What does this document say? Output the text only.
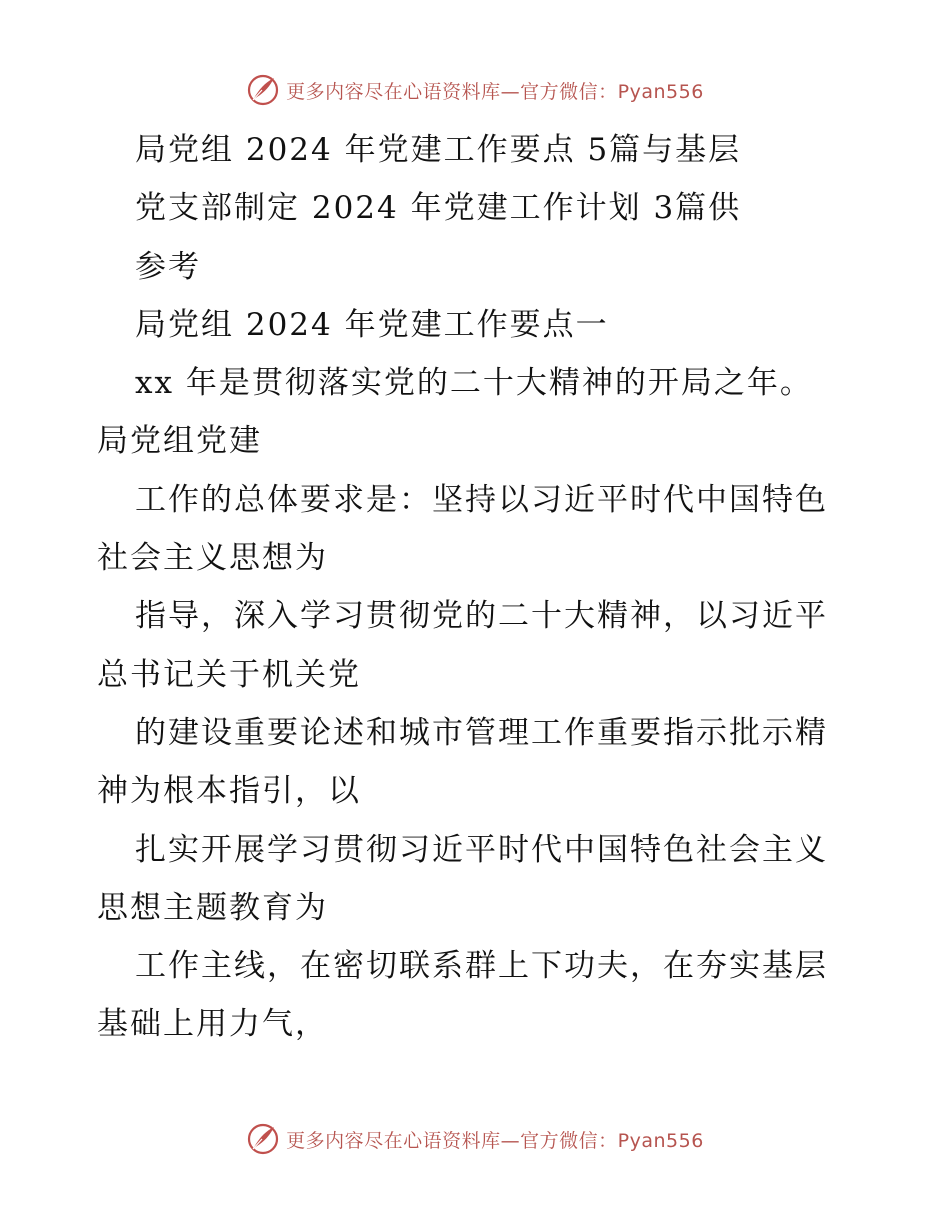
更多内容尽在心语资料库—官方微信：Pyan556
局党组 2024 年党建工作要点 5篇与基层
党支部制定 2024 年党建工作计划 3篇供
参考
局党组 2024 年党建工作要点一
xx 年是贯彻落实党的二十大精神的开局之年。
局党组党建
工作的总体要求是：坚持以习近平时代中国特色
社会主义思想为
指导，深入学习贯彻党的二十大精神，以习近平
总书记关于机关党
的建设重要论述和城市管理工作重要指示批示精
神为根本指引，以
扎实开展学习贯彻习近平时代中国特色社会主义
思想主题教育为
工作主线，在密切联系群上下功夫，在夯实基层
基础上用力气，
更多内容尽在心语资料库—官方微信：Pyan556
